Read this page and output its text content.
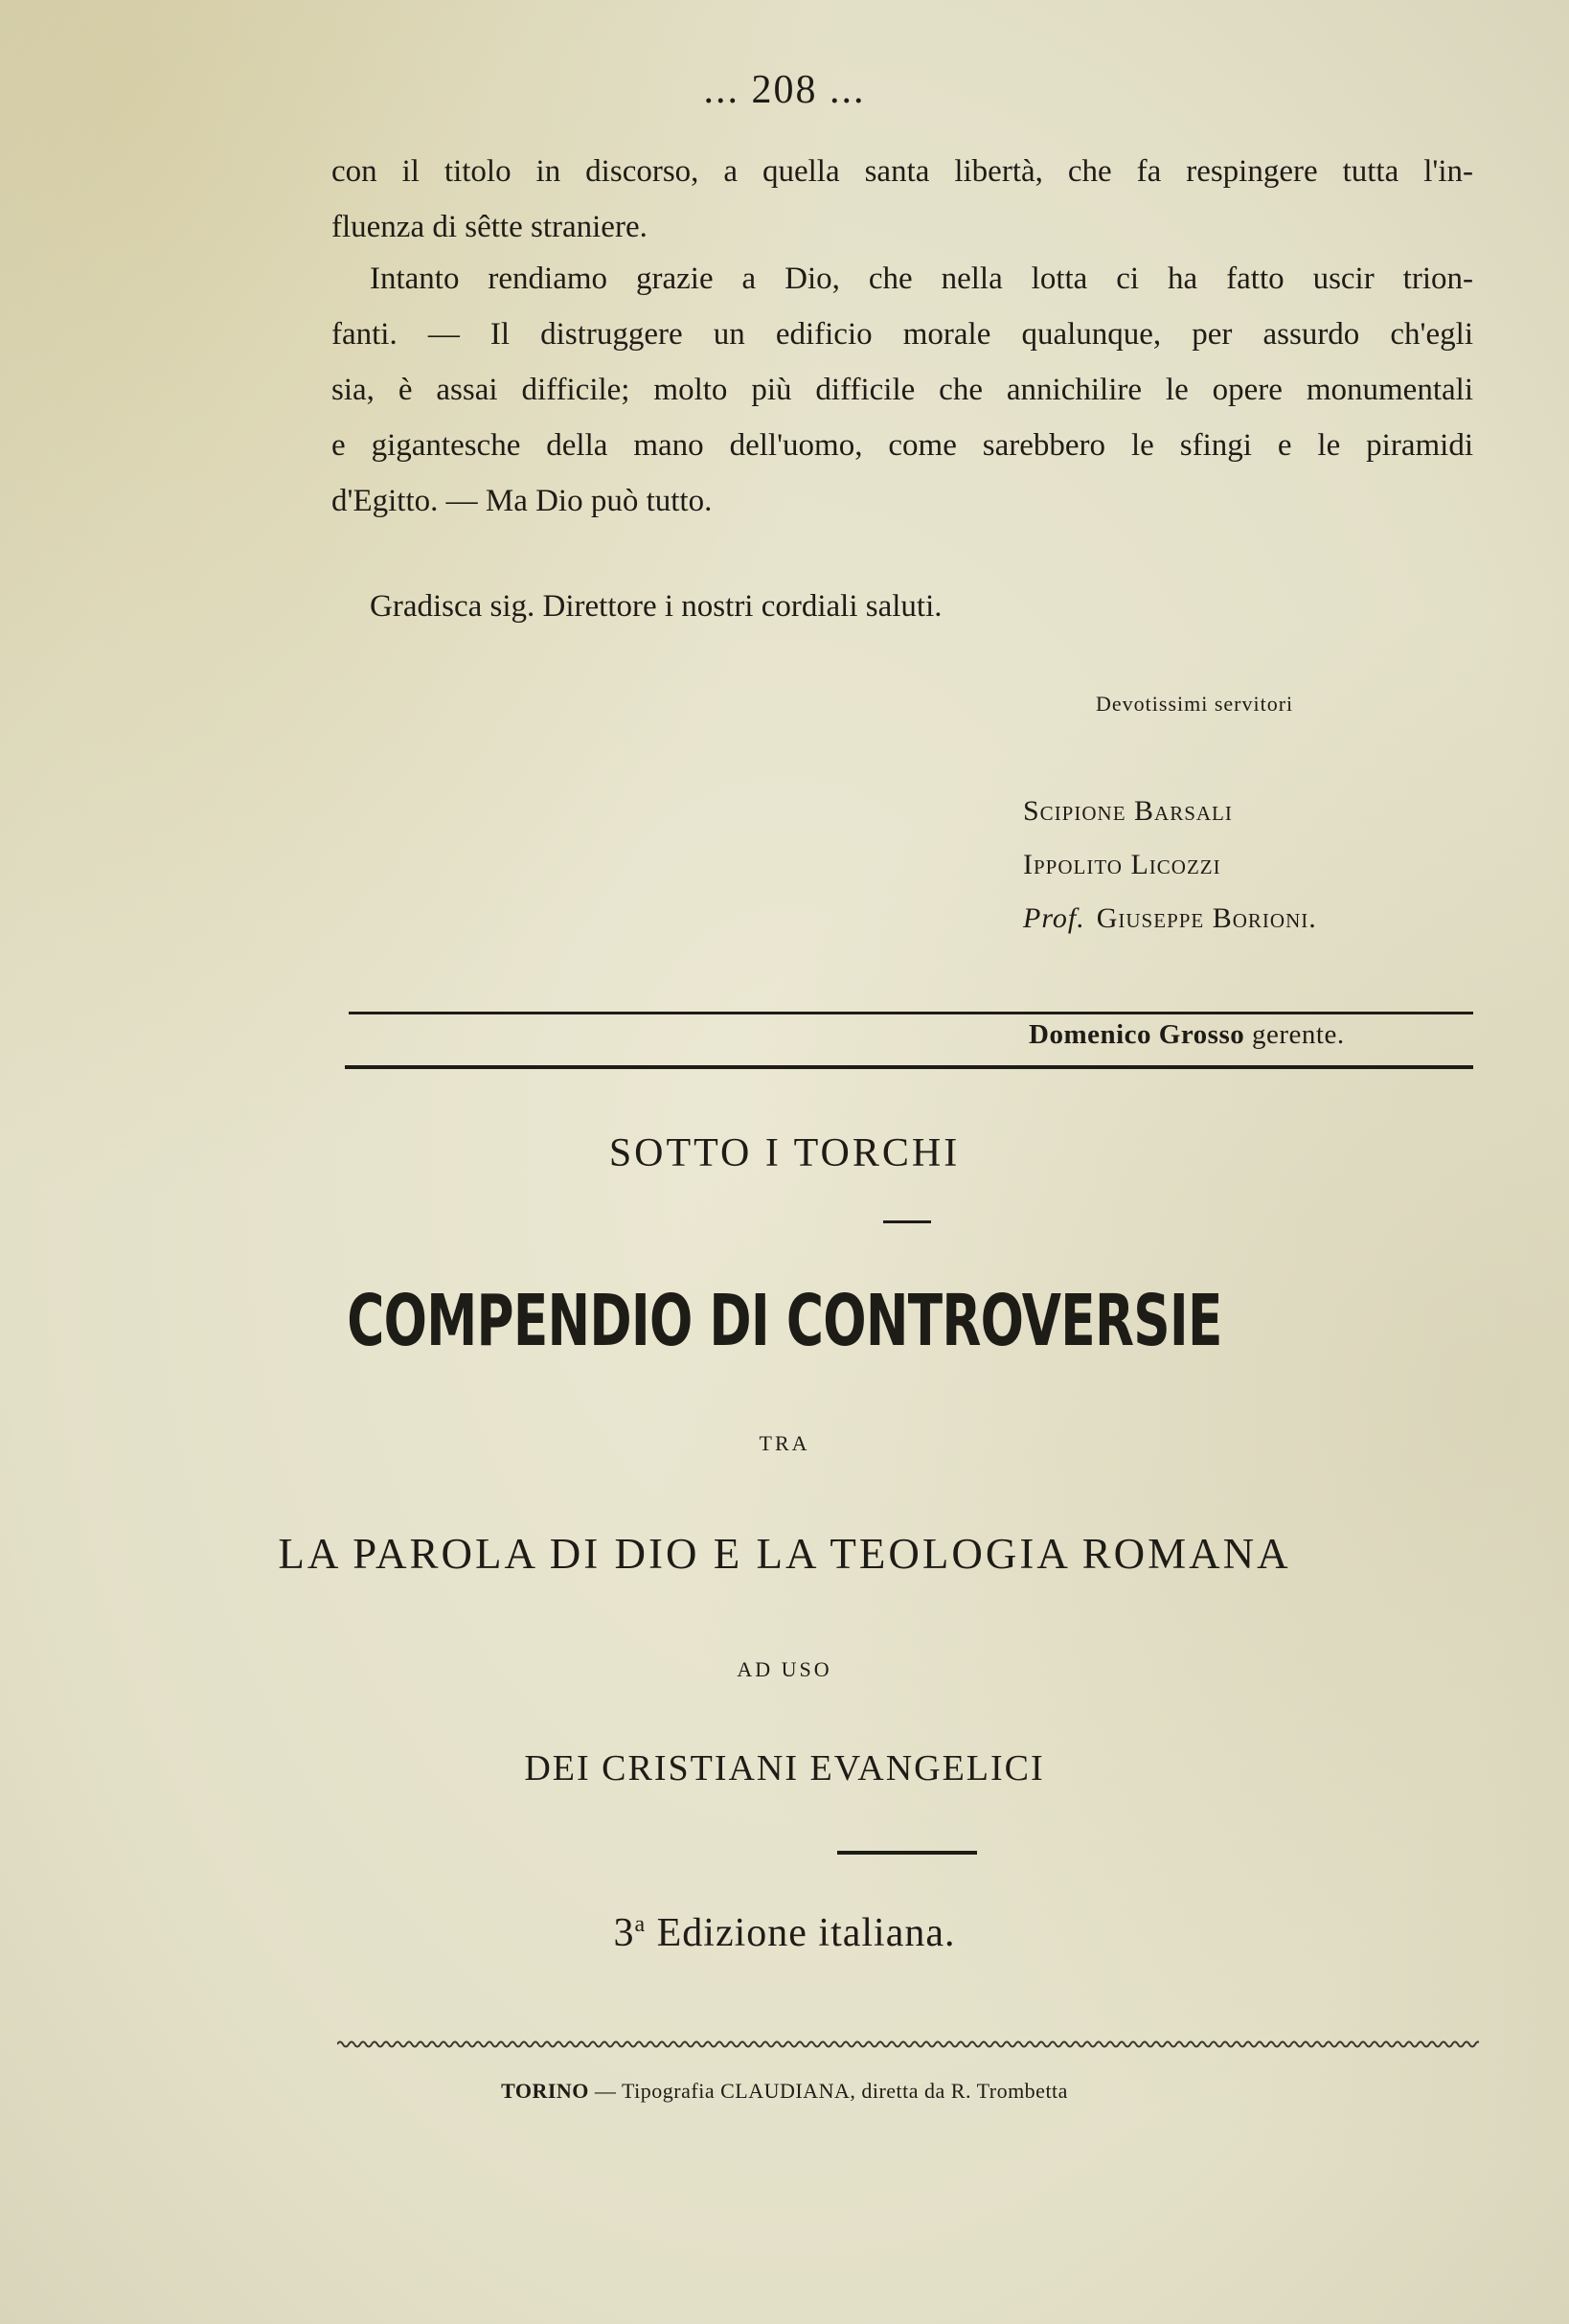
... 208 ...
con il titolo in discorso, a quella santa libertà, che fa respingere tutta l'in-
fluenza di sêtte straniere.
Intanto rendiamo grazie a Dio, che nella lotta ci ha fatto uscir trion-
fanti. — Il distruggere un edificio morale qualunque, per assurdo ch'egli
sia, è assai difficile; molto più difficile che annichilire le opere monumentali
e gigantesche della mano dell'uomo, come sarebbero le sfingi e le piramidi
d'Egitto. — Ma Dio può tutto.
Gradisca sig. Direttore i nostri cordiali saluti.
Devotissimi servitori
Scipione Barsali
Ippolito Licozzi
Prof. Giuseppe Borioni.
Domenico Grosso gerente.
SOTTO I TORCHI
COMPENDIO DI CONTROVERSIE
TRA
LA PAROLA DI DIO E LA TEOLOGIA ROMANA
AD USO
DEI CRISTIANI EVANGELICI
3$^a$ Edizione italiana.
TORINO — Tipografia CLAUDIANA, diretta da R. Trombetta
